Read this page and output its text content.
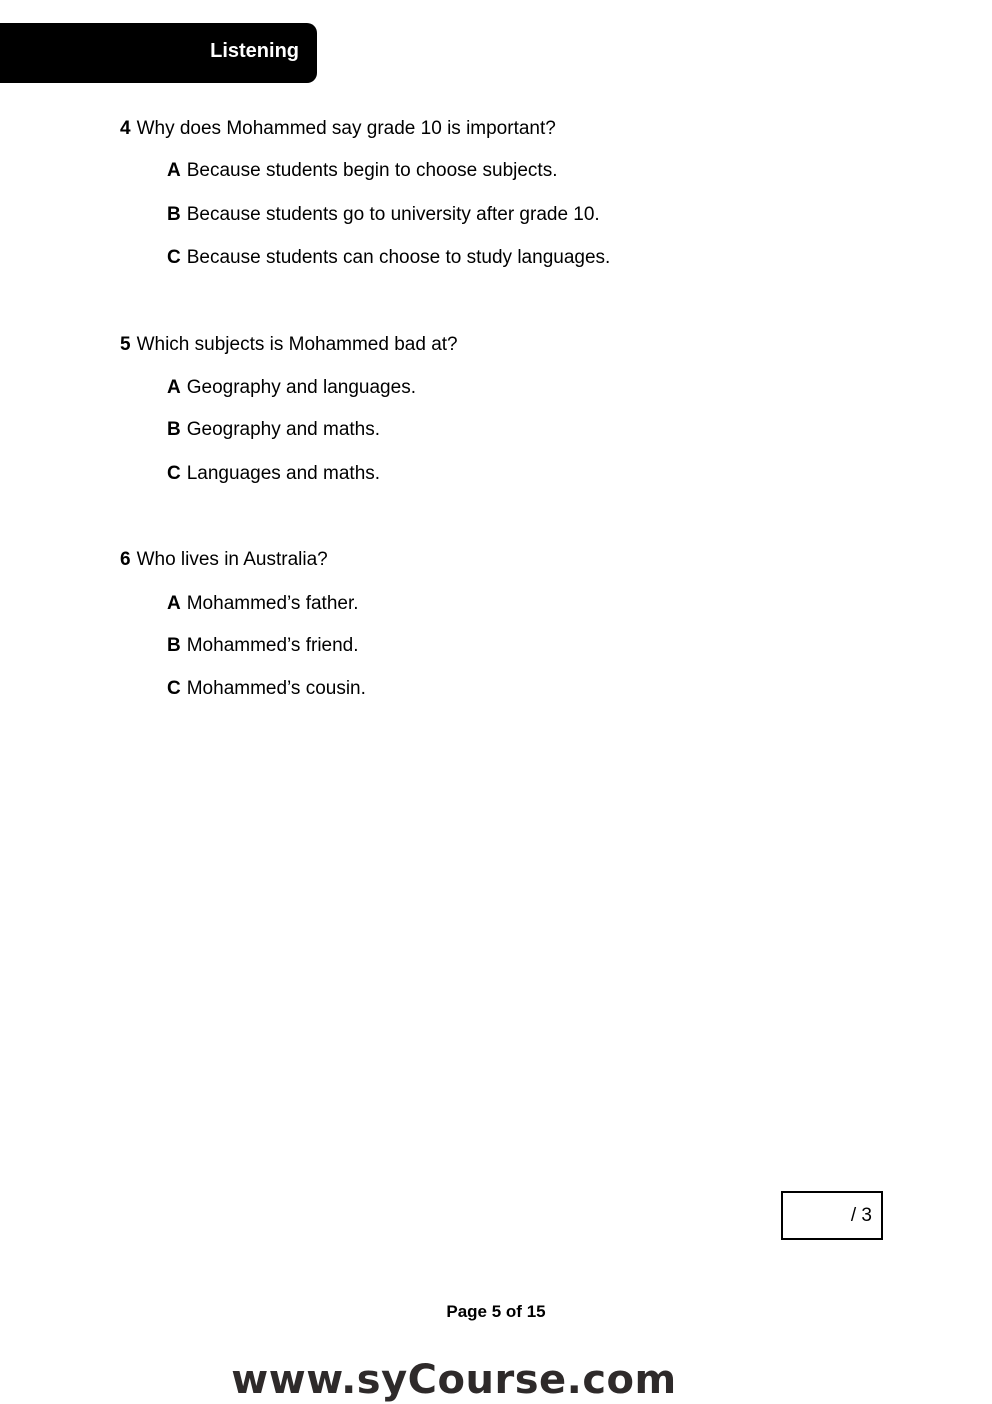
Listening
4 Why does Mohammed say grade 10 is important?
A Because students begin to choose subjects.
B Because students go to university after grade 10.
C Because students can choose to study languages.
5 Which subjects is Mohammed bad at?
A Geography and languages.
B Geography and maths.
C Languages and maths.
6 Who lives in Australia?
A Mohammed’s father.
B Mohammed’s friend.
C Mohammed’s cousin.
/ 3
Page 5 of 15
www.syCourse.com
